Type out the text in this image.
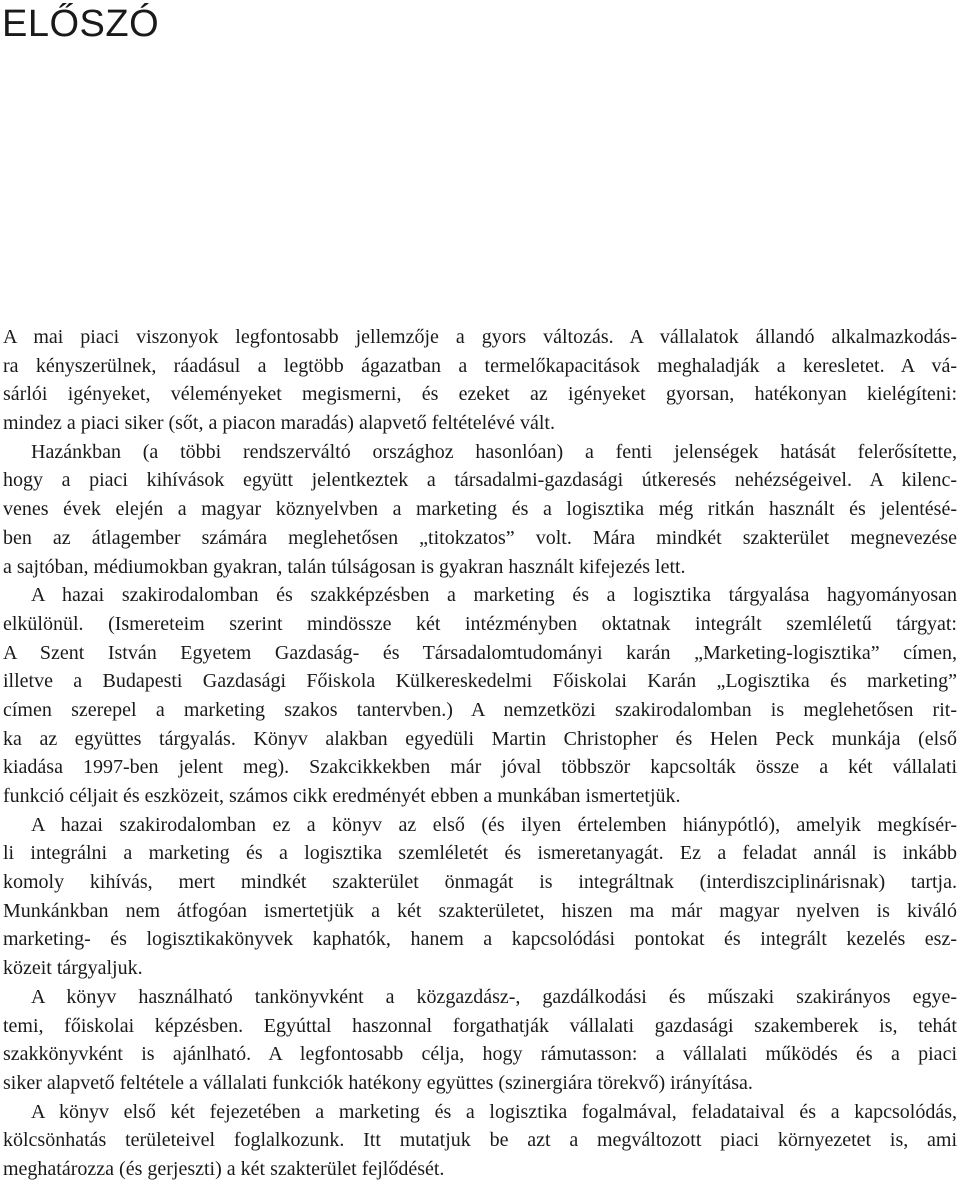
ELŐSZÓ
A mai piaci viszonyok legfontosabb jellemzője a gyors változás. A vállalatok állandó alkalmazkodás-
ra kényszerülnek, ráadásul a legtöbb ágazatban a termelőkapacitások meghaladják a keresletet. A vá-
sárlói igényeket, véleményeket megismerni, és ezeket az igényeket gyorsan, hatékonyan kielégíteni:
mindez a piaci siker (sőt, a piacon maradás) alapvető feltételévé vált.
Hazánkban (a többi rendszerváltó országhoz hasonlóan) a fenti jelenségek hatását felerősítette,
hogy a piaci kihívások együtt jelentkeztek a társadalmi-gazdasági útkeresés nehézségeivel. A kilenc-
venes évek elején a magyar köznyelvben a marketing és a logisztika még ritkán használt és jelentésé-
ben az átlagember számára meglehetősen „titokzatos” volt. Mára mindkét szakterület megnevezése
a sajtóban, médiumokban gyakran, talán túlságosan is gyakran használt kifejezés lett.
A hazai szakirodalomban és szakképzésben a marketing és a logisztika tárgyalása hagyományosan
elkülönül. (Ismereteim szerint mindössze két intézményben oktatnak integrált szemléletű tárgyat:
A Szent István Egyetem Gazdaság- és Társadalomtudományi karán „Marketing-logisztika” címen,
illetve a Budapesti Gazdasági Főiskola Külkereskedelmi Főiskolai Karán „Logisztika és marketing”
címen szerepel a marketing szakos tantervben.) A nemzetközi szakirodalomban is meglehetősen rit-
ka az együttes tárgyalás. Könyv alakban egyedüli Martin Christopher és Helen Peck munkája (első
kiadása 1997-ben jelent meg). Szakcikkekben már jóval többször kapcsolták össze a két vállalati
funkció céljait és eszközeit, számos cikk eredményét ebben a munkában ismertetjük.
A hazai szakirodalomban ez a könyv az első (és ilyen értelemben hiánypótló), amelyik megkísér-
li integrálni a marketing és a logisztika szemléletét és ismeretanyagát. Ez a feladat annál is inkább
komoly kihívás, mert mindkét szakterület önmagát is integráltnak (interdiszciplinárisnak) tartja.
Munkánkban nem átfogóan ismertetjük a két szakterületet, hiszen ma már magyar nyelven is kiváló
marketing- és logisztikakönyvek kaphatók, hanem a kapcsolódási pontokat és integrált kezelés esz-
közeit tárgyaljuk.
A könyv használható tankönyvként a közgazdász-, gazdálkodási és műszaki szakirányos egye-
temi, főiskolai képzésben. Egyúttal haszonnal forgathatják vállalati gazdasági szakemberek is, tehát
szakkönyvként is ajánlható. A legfontosabb célja, hogy rámutasson: a vállalati működés és a piaci
siker alapvető feltétele a vállalati funkciók hatékony együttes (szinergiára törekvő) irányítása.
A könyv első két fejezetében a marketing és a logisztika fogalmával, feladataival és a kapcsolódás,
kölcsönhatás területeivel foglalkozunk. Itt mutatjuk be azt a megváltozott piaci környezetet is, ami
meghatározza (és gerjeszti) a két szakterület fejlődését.
